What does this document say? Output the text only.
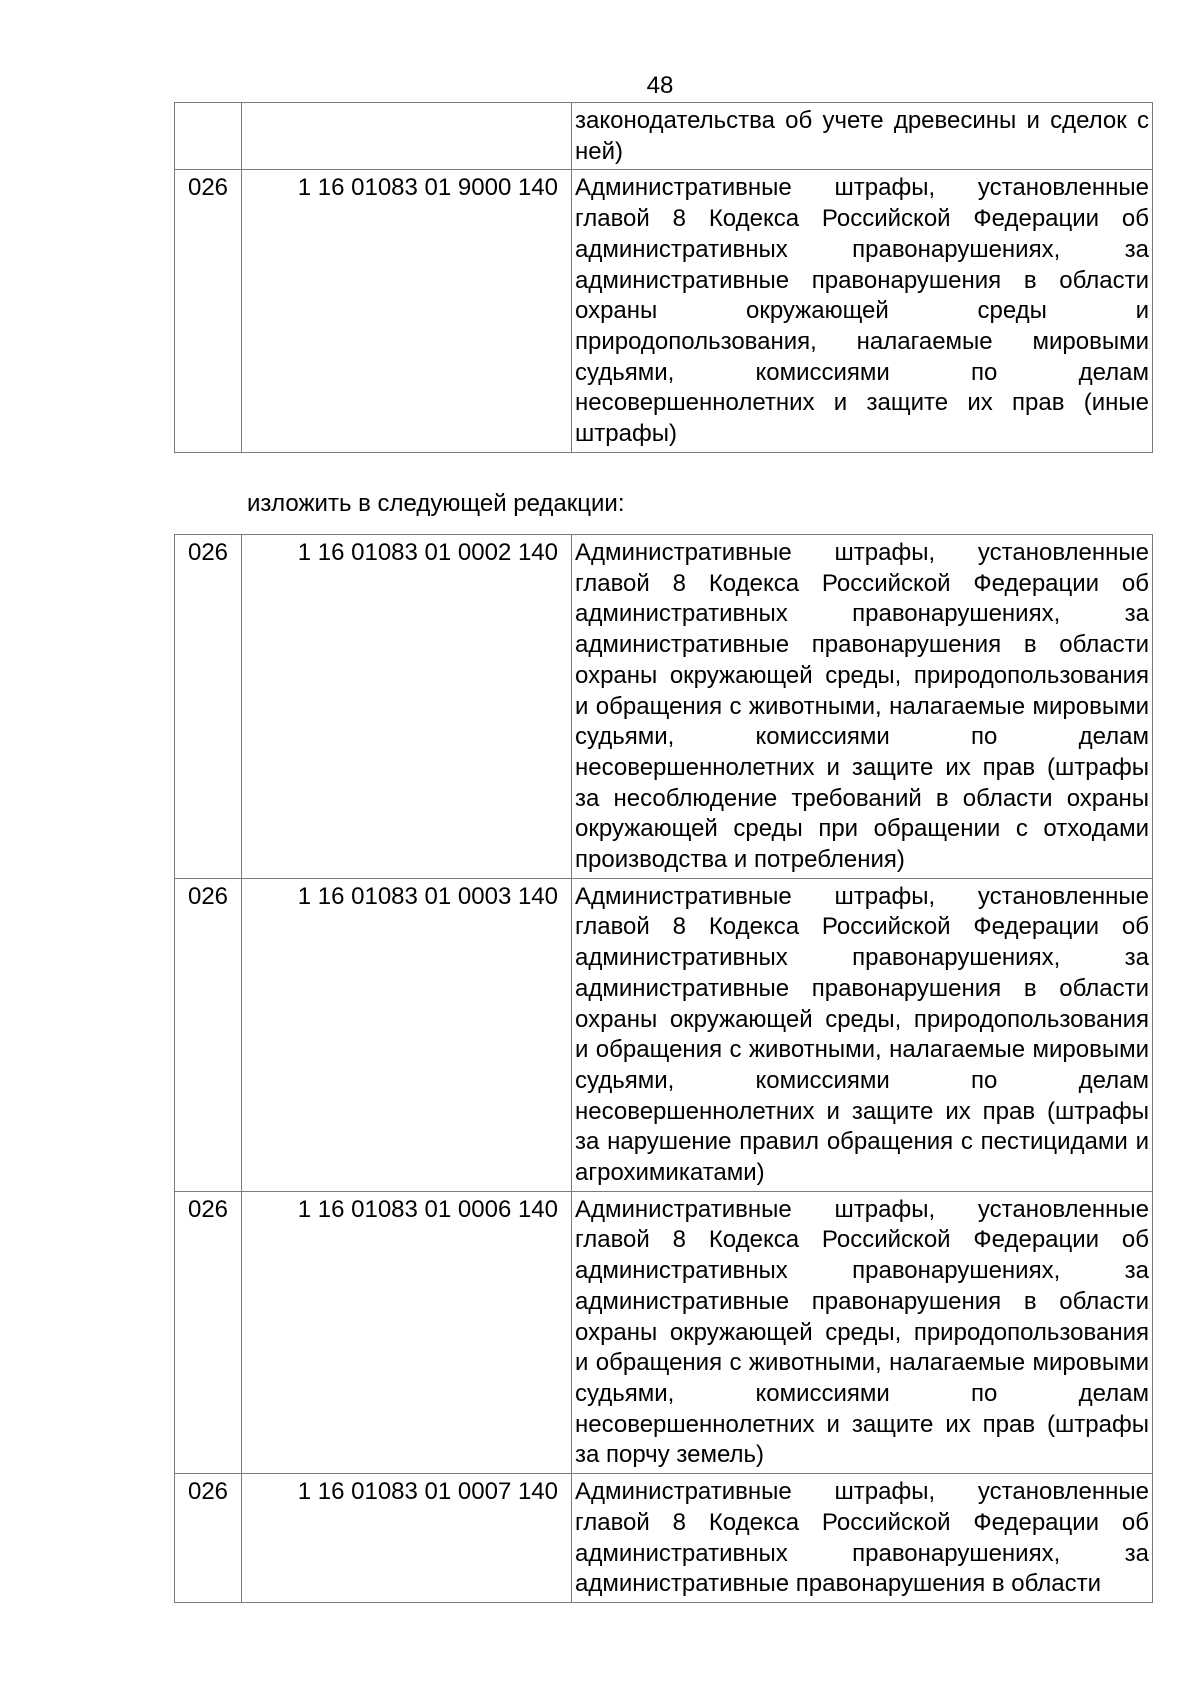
48
		законодательства об учете древесины и сделок с ней)
026	1 16 01083 01 9000 140	Административные штрафы, установленные главой 8 Кодекса Российской Федерации об административных правонарушениях, за административные правонарушения в области охраны окружающей среды и природопользования, налагаемые мировыми судьями, комиссиями по делам несовершеннолетних и защите их прав (иные штрафы)
изложить в следующей редакции:
026	1 16 01083 01 0002 140	Административные штрафы, установленные главой 8 Кодекса Российской Федерации об административных правонарушениях, за административные правонарушения в области охраны окружающей среды, природопользования и обращения с животными, налагаемые мировыми судьями, комиссиями по делам несовершеннолетних и защите их прав (штрафы за несоблюдение требований в области охраны окружающей среды при обращении с отходами производства и потребления)
026	1 16 01083 01 0003 140	Административные штрафы, установленные главой 8 Кодекса Российской Федерации об административных правонарушениях, за административные правонарушения в области охраны окружающей среды, природопользования и обращения с животными, налагаемые мировыми судьями, комиссиями по делам несовершеннолетних и защите их прав (штрафы за нарушение правил обращения с пестицидами и агрохимикатами)
026	1 16 01083 01 0006 140	Административные штрафы, установленные главой 8 Кодекса Российской Федерации об административных правонарушениях, за административные правонарушения в области охраны окружающей среды, природопользования и обращения с животными, налагаемые мировыми судьями, комиссиями по делам несовершеннолетних и защите их прав (штрафы за порчу земель)
026	1 16 01083 01 0007 140	Административные штрафы, установленные главой 8 Кодекса Российской Федерации об административных правонарушениях, за административные правонарушения в области
